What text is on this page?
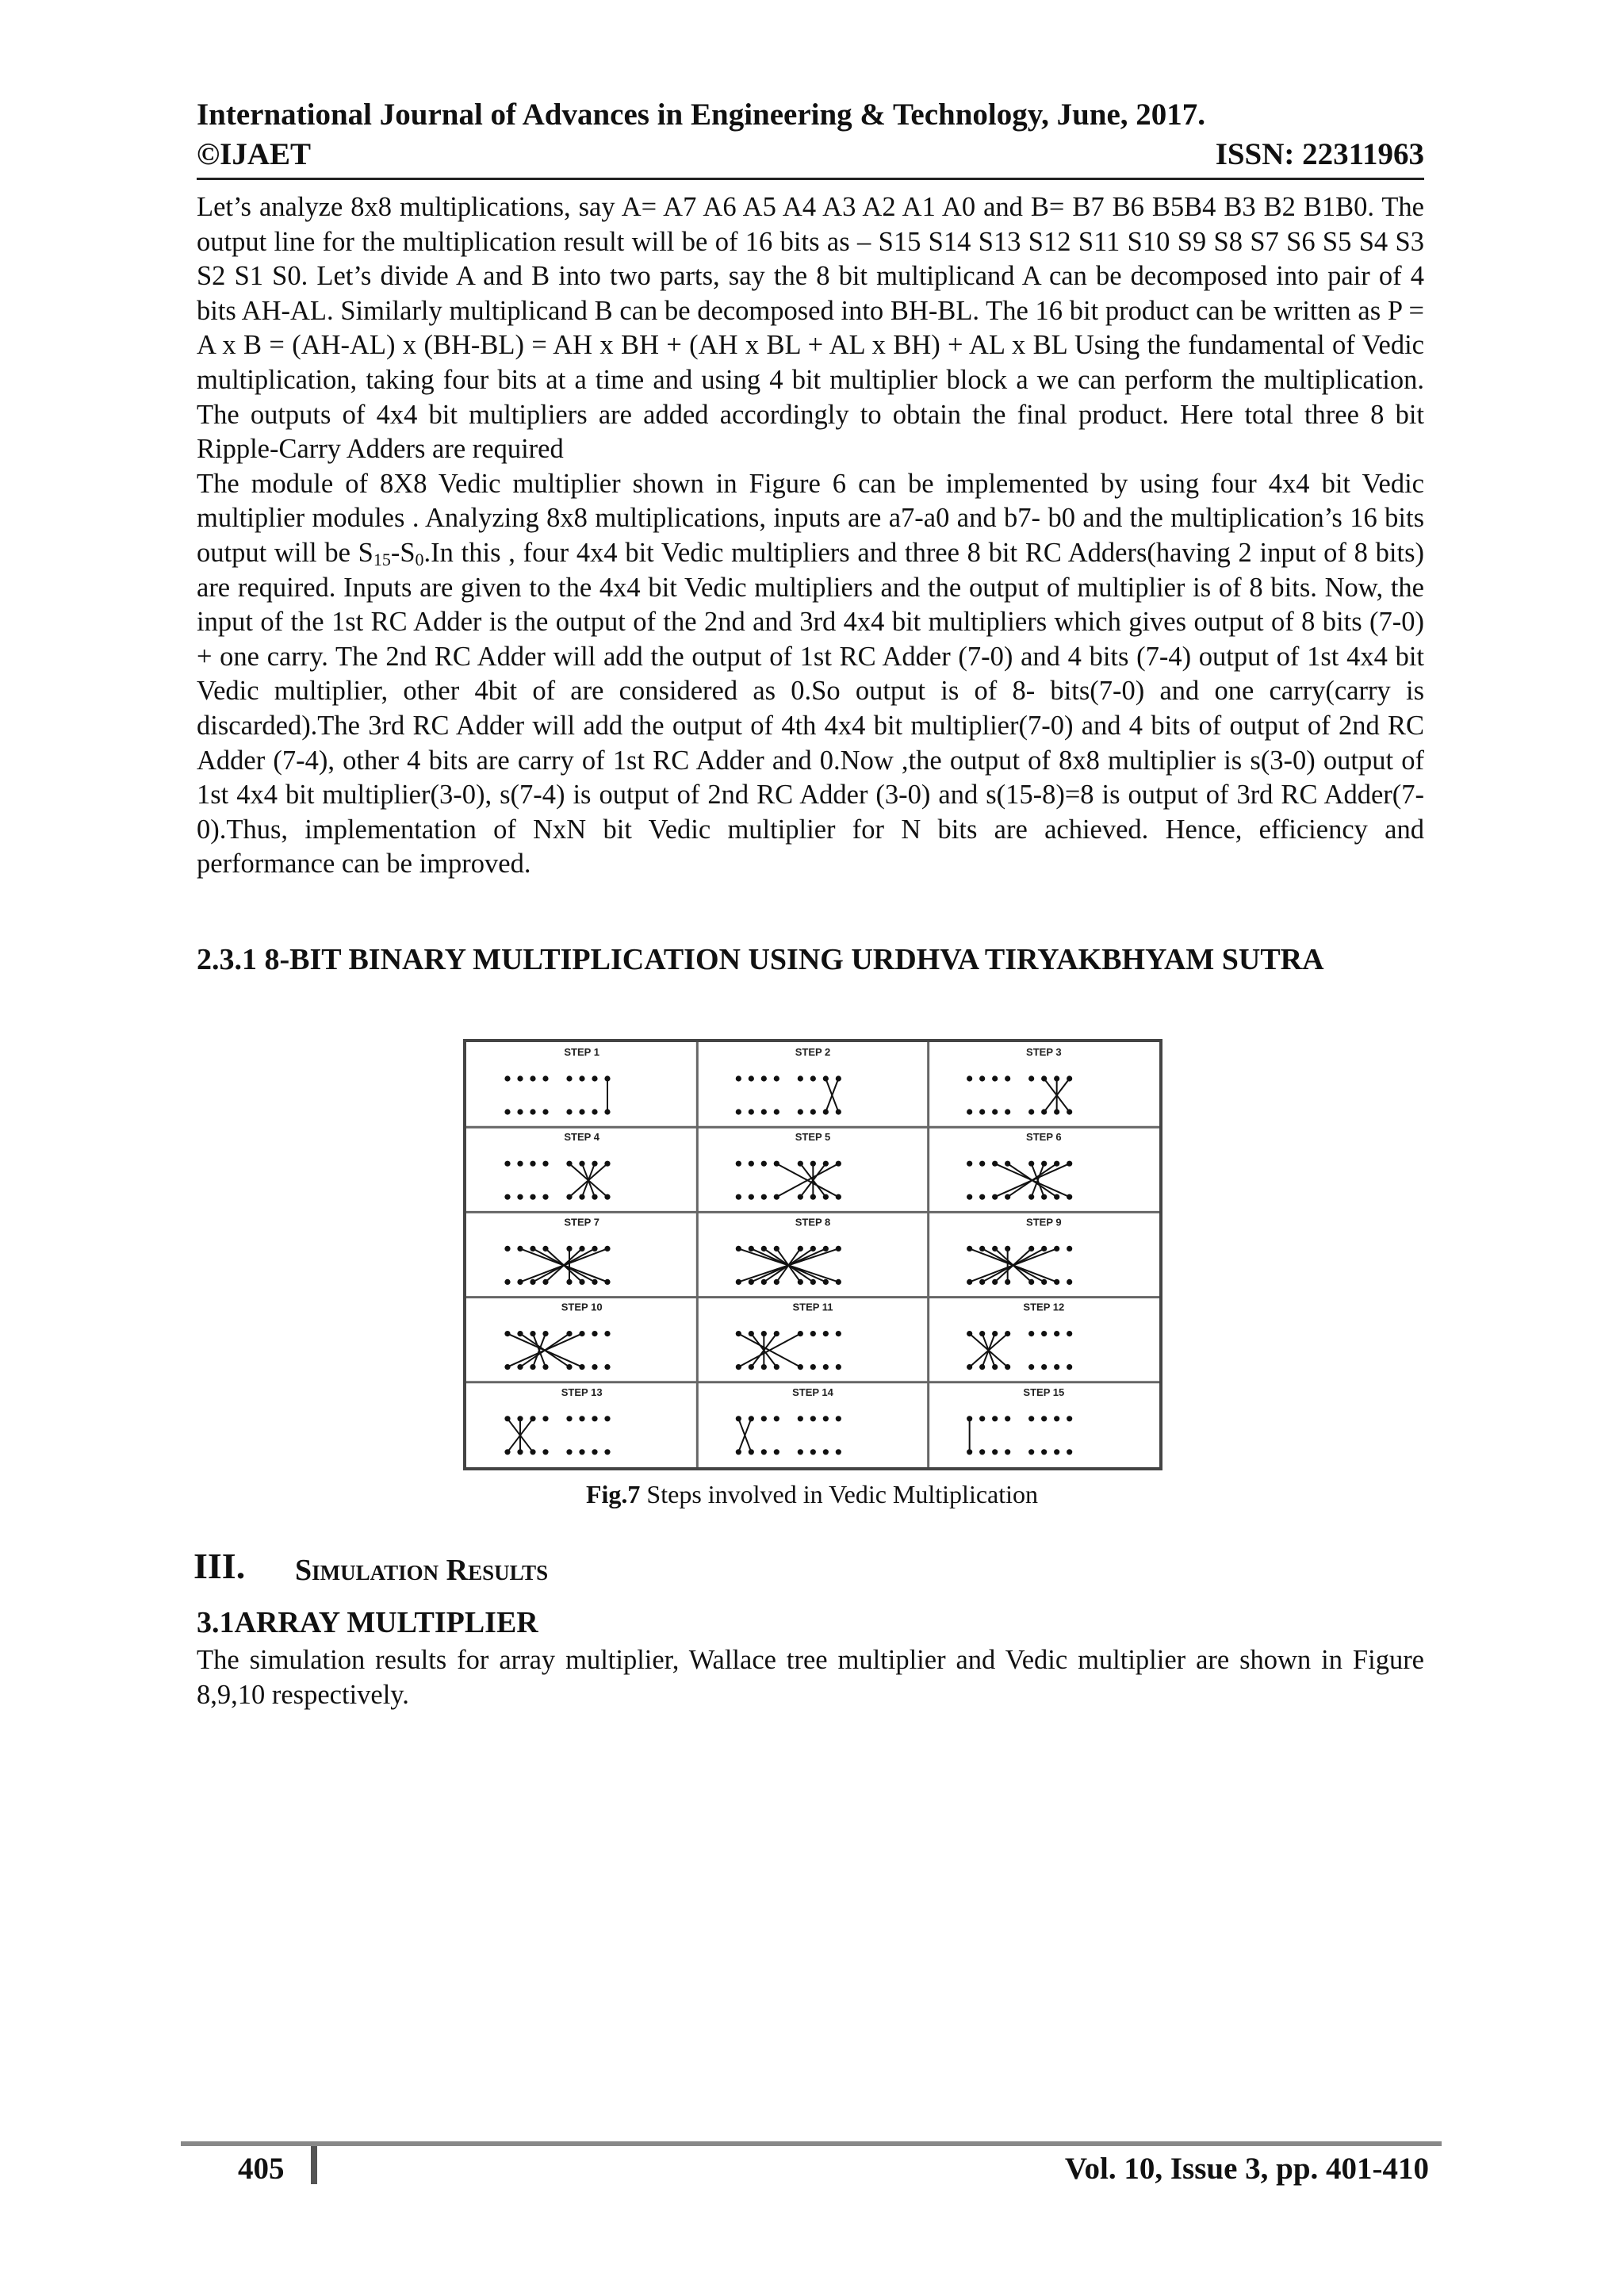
International Journal of Advances in Engineering & Technology, June, 2017.
©IJAET	ISSN: 22311963

Let’s analyze 8x8 multiplications, say A= A7 A6 A5 A4 A3 A2 A1 A0 and B= B7 B6 B5B4 B3 B2 B1B0. The output line for the multiplication result will be of 16 bits as – S15 S14 S13 S12 S11 S10 S9 S8 S7 S6 S5 S4 S3 S2 S1 S0. Let’s divide A and B into two parts, say the 8 bit multiplicand A can be decomposed into pair of 4 bits AH-AL. Similarly multiplicand B can be decomposed into BH-BL. The 16 bit product can be written as P = A x B = (AH-AL) x (BH-BL) = AH x BH + (AH x BL + AL x BH) + AL x BL Using the fundamental of Vedic multiplication, taking four bits at a time and using 4 bit multiplier block a we can perform the multiplication. The outputs of 4x4 bit multipliers are added accordingly to obtain the final product. Here total three 8 bit Ripple-Carry Adders are required

The module of 8X8 Vedic multiplier shown in Figure 6 can be implemented by using four 4x4 bit Vedic multiplier modules . Analyzing 8x8 multiplications, inputs are a7-a0 and b7- b0 and the multiplication’s 16 bits output will be $S_{15}-S_0.In$ this , four 4x4 bit Vedic multipliers and three 8 bit RC Adders(having 2 input of 8 bits) are required. Inputs are given to the 4x4 bit Vedic multipliers and the output of multiplier is of 8 bits. Now, the input of the 1st RC Adder is the output of the 2nd and 3rd 4x4 bit multipliers which gives output of 8 bits (7-0) + one carry. The 2nd RC Adder will add the output of 1st RC Adder (7-0) and 4 bits (7-4) output of 1st 4x4 bit Vedic multiplier, other 4bit of are considered as 0.So output is of 8- bits(7-0) and one carry(carry is discarded).The 3rd RC Adder will add the output of 4th 4x4 bit multiplier(7-0) and 4 bits of output of 2nd RC Adder (7-4), other 4 bits are carry of 1st RC Adder and 0.Now ,the output of 8x8 multiplier is s(3-0) output of 1st 4x4 bit multiplier(3-0), s(7-4) is output of 2nd RC Adder (3-0) and s(15-8)=8 is output of 3rd RC Adder(7-0).Thus, implementation of NxN bit Vedic multiplier for N bits are achieved. Hence, efficiency and performance can be improved.

2.3.1 8-BIT BINARY MULTIPLICATION USING URDHVA TIRYAKBHYAM SUTRA
STEP 1	STEP 2	STEP 3
STEP 4	STEP 5	STEP 6
STEP 7	STEP 8	STEP 9
STEP 10	STEP 11	STEP 12
STEP 13	STEP 14	STEP 15
Fig.7 Steps involved in Vedic Multiplication
III. Simulation Results
3.1ARRAY MULTIPLIER
The simulation results for array multiplier, Wallace tree multiplier and Vedic multiplier are shown in Figure 8,9,10 respectively.
405	Vol. 10, Issue 3, pp. 401-410
